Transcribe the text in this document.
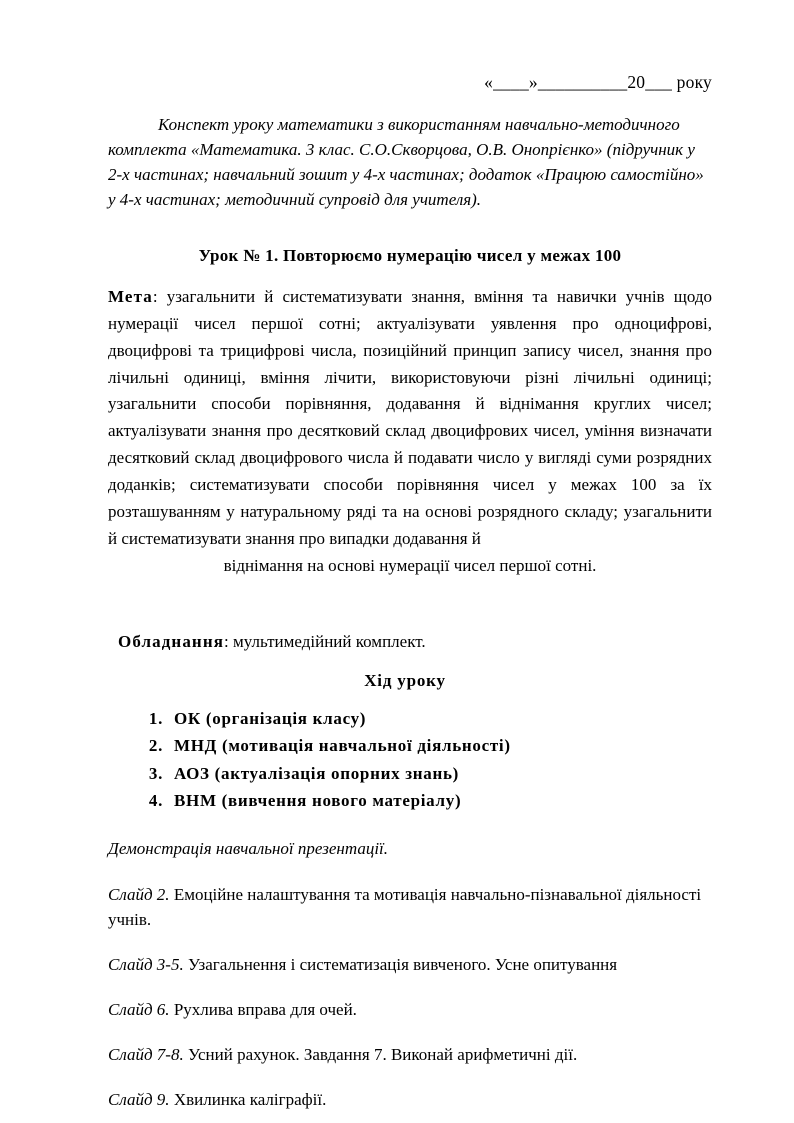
«____»__________20___ року

Конспект уроку математики з використанням навчально-методичного комплекта «Математика. 3 клас. С.О.Скворцова, О.В. Онопрієнко» (підручник у 2-х частинах; навчальний зошит у 4-х частинах; додаток «Працюю самостійно» у 4-х частинах; методичний супровід для учителя).

Урок № 1. Повторюємо нумерацію чисел у межах 100

Мета: узагальнити й систематизувати знання, вміння та навички учнів щодо нумерації чисел першої сотні; актуалізувати уявлення про одноцифрові, двоцифрові та трицифрові числа, позиційний принцип запису чисел, знання про лічильні одиниці, вміння лічити, використовуючи різні лічильні одиниці; узагальнити способи порівняння, додавання й віднімання круглих чисел; актуалізувати знання про десятковий склад двоцифрових чисел, уміння визначати десятковий склад двоцифрового числа й подавати число у вигляді суми розрядних доданків; систематизувати способи порівняння чисел у межах 100 за їх розташуванням у натуральному ряді та на основі розрядного складу; узагальнити й систематизувати знання про випадки додавання й
віднімання на основі нумерації чисел першої сотні.

Обладнання: мультимедійний комплект.

Хід уроку

1. ОК (організація класу)
2. МНД (мотивація навчальної діяльності)
3. АОЗ (актуалізація опорних знань)
4. ВНМ (вивчення нового матеріалу)

Демонстрація навчальної презентації.

Слайд 2. Емоційне налаштування та мотивація навчально-пізнавальної діяльності учнів.

Слайд 3-5. Узагальнення і систематизація вивченого. Усне опитування

Слайд 6. Рухлива вправа для очей.

Слайд 7-8. Усний рахунок. Завдання 7. Виконай арифметичні дії.

Слайд 9. Хвилинка каліграфії.
